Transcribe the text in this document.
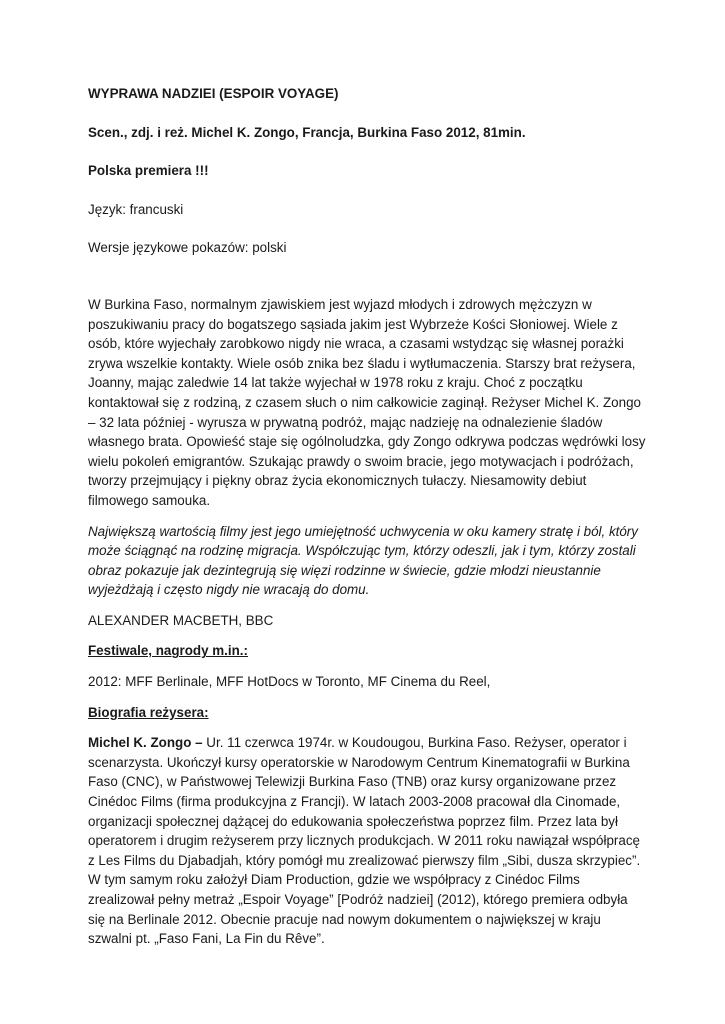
WYPRAWA NADZIEI (ESPOIR VOYAGE)

Scen., zdj. i reż. Michel K. Zongo, Francja, Burkina Faso 2012, 81min.

Polska premiera !!!

Język: francuski

Wersje językowe pokazów: polski

W Burkina Faso, normalnym zjawiskiem jest wyjazd młodych i zdrowych mężczyzn w poszukiwaniu pracy do bogatszego sąsiada jakim jest Wybrzeże Kości Słoniowej. Wiele z osób, które wyjechały zarobkowo nigdy nie wraca, a czasami wstydząc się własnej porażki zrywa wszelkie kontakty. Wiele osób znika bez śladu i wytłumaczenia. Starszy brat reżysera, Joanny, mając zaledwie 14 lat także wyjechał w 1978 roku z kraju. Choć z początku kontaktował się z rodziną, z czasem słuch o nim całkowicie zaginął. Reżyser Michel K. Zongo – 32 lata później - wyrusza w prywatną podróż, mając nadzieję na odnalezienie śladów własnego brata. Opowieść staje się ogólnoludzka, gdy Zongo odkrywa podczas wędrówki losy wielu pokoleń emigrantów. Szukając prawdy o swoim bracie, jego motywacjach i podróżach, tworzy przejmujący i piękny obraz życia ekonomicznych tułaczy. Niesamowity debiut filmowego samouka.

Największą wartością filmy jest jego umiejętność uchwycenia w oku kamery stratę i ból, który może ściągnąć na rodzinę migracja. Współczując tym, którzy odeszli, jak i tym, którzy zostali obraz pokazuje jak dezintegrują się więzi rodzinne w świecie, gdzie młodzi nieustannie wyjeżdżają i często nigdy nie wracają do domu.

ALEXANDER MACBETH, BBC

Festiwale, nagrody m.in.:

2012: MFF Berlinale, MFF HotDocs w Toronto, MF Cinema du Reel,

Biografia reżysera:

Michel K. Zongo – Ur. 11 czerwca 1974r. w Koudougou, Burkina Faso. Reżyser, operator i scenarzysta. Ukończył kursy operatorskie w Narodowym Centrum Kinematografii w Burkina Faso (CNC), w Państwowej Telewizji Burkina Faso (TNB) oraz kursy organizowane przez Cinédoc Films (firma produkcyjna z Francji). W latach 2003-2008 pracował dla Cinomade, organizacji społecznej dążącej do edukowania społeczeństwa poprzez film. Przez lata był operatorem i drugim reżyserem przy licznych produkcjach. W 2011 roku nawiązał współpracę z Les Films du Djabadjah, który pomógł mu zrealizować pierwszy film „Sibi, dusza skrzypiec”. W tym samym roku założył Diam Production, gdzie we współpracy z Cinédoc Films zrealizował pełny metraż „Espoir Voyage” [Podróż nadziei] (2012), którego premiera odbyła się na Berlinale 2012. Obecnie pracuje nad nowym dokumentem o największej w kraju szwalni pt. „Faso Fani, La Fin du Rêve”.
